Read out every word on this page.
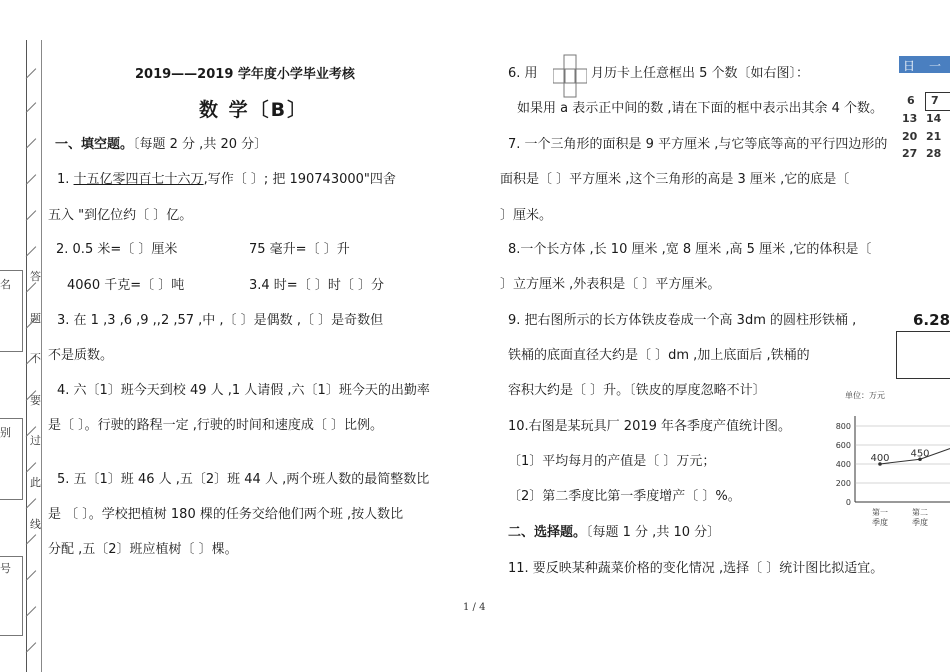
答
题
不
要
过
此
线
名
别
号
2019——2019 学年度小学毕业考核
数 学〔B〕
一、填空题。〔每题 2 分 ,共 20 分〕
1. 十五亿零四百七十六万,写作〔 〕; 把 190743000"四舍
五入 "到亿位约〔 〕亿。
2. 0.5 米=〔 〕厘米	75 毫升=〔 〕升
4060 千克=〔 〕吨	3.4 时=〔 〕时〔 〕分
3. 在 1 ,3 ,6 ,9 ,,2 ,57 ,中 ,〔 〕是偶数 ,〔 〕是奇数但
不是质数。
4. 六〔1〕班今天到校 49 人 ,1 人请假 ,六〔1〕班今天的出勤率
是〔 〕。行驶的路程一定 ,行驶的时间和速度成〔 〕比例。
5. 五〔1〕班 46 人 ,五〔2〕班 44 人 ,两个班人数的最简整数比
是 〔 〕。学校把植树 180 棵的任务交给他们两个班 ,按人数比
分配 ,五〔2〕班应植树〔 〕棵。
1 / 4
6. 用	月历卡上任意框出 5 个数〔如右图〕：
如果用 a 表示正中间的数 ,请在下面的框中表示出其余 4 个数。
日 一
6 7
13 14
20 21
27 28
7. 一个三角形的面积是 9 平方厘米 ,与它等底等高的平行四边形的
面积是〔 〕平方厘米 ,这个三角形的高是 3 厘米 ,它的底是〔
〕厘米。
8.一个长方体 ,长 10 厘米 ,宽 8 厘米 ,高 5 厘米 ,它的体积是〔
〕立方厘米 ,外表积是〔 〕平方厘米。
9. 把右图所示的长方体铁皮卷成一个高 3dm 的圆柱形铁桶 ,
铁桶的底面直径大约是〔 〕dm ,加上底面后 ,铁桶的
容积大约是〔 〕升。〔铁皮的厚度忽略不计〕
6.28
10.右图是某玩具厂 2019 年各季度产值统计图。
〔1〕平均每月的产值是〔 〕万元；
〔2〕第二季度比第一季度增产〔 〕%。
单位：万元
0
200
400
600
800
第一
季度
第二
季度
400 450
二、选择题。〔每题 1 分 ,共 10 分〕
11. 要反映某种蔬菜价格的变化情况 ,选择〔 〕统计图比拟适宜。
